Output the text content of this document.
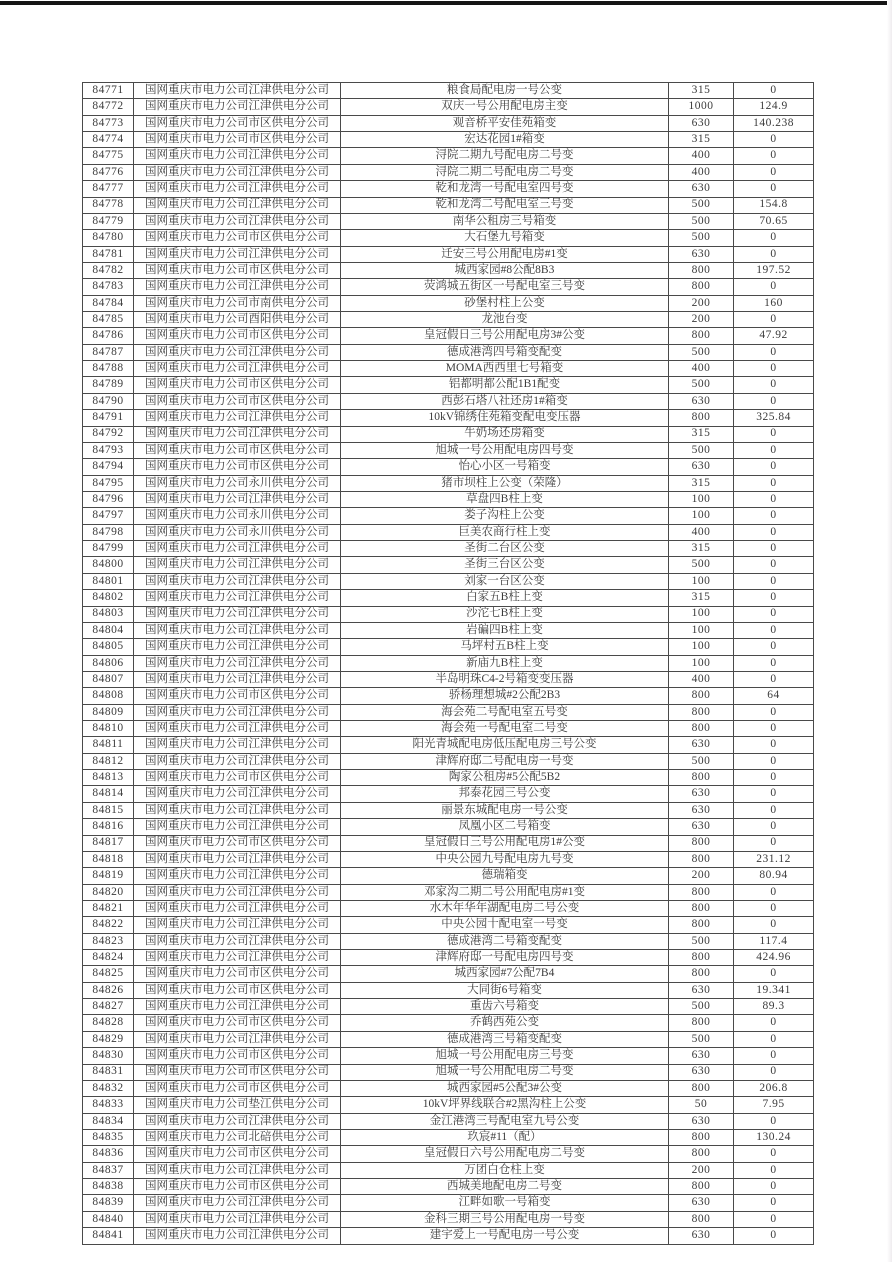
84771	国网重庆市电力公司江津供电分公司	粮食局配电房一号公变	315	0
84772	国网重庆市电力公司江津供电分公司	双庆一号公用配电房主变	1000	124.9
84773	国网重庆市电力公司市区供电分公司	观音桥平安佳苑箱变	630	140.238
84774	国网重庆市电力公司市区供电分公司	宏达花园1#箱变	315	0
84775	国网重庆市电力公司江津供电分公司	浔院二期九号配电房二号变	400	0
84776	国网重庆市电力公司江津供电分公司	浔院二期二号配电房二号变	400	0
84777	国网重庆市电力公司江津供电分公司	乾和龙湾一号配电室四号变	630	0
84778	国网重庆市电力公司江津供电分公司	乾和龙湾二号配电室三号变	500	154.8
84779	国网重庆市电力公司江津供电分公司	南华公租房三号箱变	500	70.65
84780	国网重庆市电力公司市区供电分公司	大石堡九号箱变	500	0
84781	国网重庆市电力公司江津供电分公司	迁安三号公用配电房#1变	630	0
84782	国网重庆市电力公司市区供电分公司	城西家园#8公配8B3	800	197.52
84783	国网重庆市电力公司江津供电分公司	荧鸿城五街区一号配电室三号变	800	0
84784	国网重庆市电力公司市南供电分公司	砂堡村柱上公变	200	160
84785	国网重庆市电力公司酉阳供电分公司	龙池台变	200	0
84786	国网重庆市电力公司市区供电分公司	皇冠假日三号公用配电房3#公变	800	47.92
84787	国网重庆市电力公司江津供电分公司	德成港湾四号箱变配变	500	0
84788	国网重庆市电力公司江津供电分公司	MOMA西西里七号箱变	400	0
84789	国网重庆市电力公司市区供电分公司	铝都明都公配1B1配变	500	0
84790	国网重庆市电力公司市区供电分公司	西彭石塔八社还房1#箱变	630	0
84791	国网重庆市电力公司江津供电分公司	10kV锦绣住苑箱变配电变压器	800	325.84
84792	国网重庆市电力公司江津供电分公司	牛奶场还房箱变	315	0
84793	国网重庆市电力公司市区供电分公司	旭城一号公用配电房四号变	500	0
84794	国网重庆市电力公司市区供电分公司	怡心小区一号箱变	630	0
84795	国网重庆市电力公司永川供电分公司	猪市坝柱上公变（荣隆）	315	0
84796	国网重庆市电力公司江津供电分公司	草盘四B柱上变	100	0
84797	国网重庆市电力公司永川供电分公司	娄子沟柱上公变	100	0
84798	国网重庆市电力公司永川供电分公司	巨美农商行柱上变	400	0
84799	国网重庆市电力公司江津供电分公司	圣街二台区公变	315	0
84800	国网重庆市电力公司江津供电分公司	圣街三台区公变	500	0
84801	国网重庆市电力公司江津供电分公司	刘家一台区公变	100	0
84802	国网重庆市电力公司江津供电分公司	白家五B柱上变	315	0
84803	国网重庆市电力公司江津供电分公司	沙沱七B柱上变	100	0
84804	国网重庆市电力公司江津供电分公司	岩碥四B柱上变	100	0
84805	国网重庆市电力公司江津供电分公司	马坪村五B柱上变	100	0
84806	国网重庆市电力公司江津供电分公司	新庙九B柱上变	100	0
84807	国网重庆市电力公司江津供电分公司	半岛明珠C4-2号箱变变压器	400	0
84808	国网重庆市电力公司市区供电分公司	骄杨理想城#2公配2B3	800	64
84809	国网重庆市电力公司江津供电分公司	海会苑二号配电室五号变	800	0
84810	国网重庆市电力公司江津供电分公司	海会苑一号配电室二号变	800	0
84811	国网重庆市电力公司江津供电分公司	阳光青城配电房低压配电房三号公变	630	0
84812	国网重庆市电力公司江津供电分公司	津辉府邸二号配电房一号变	500	0
84813	国网重庆市电力公司市区供电分公司	陶家公租房#5公配5B2	800	0
84814	国网重庆市电力公司江津供电分公司	邦泰花园三号公变	630	0
84815	国网重庆市电力公司江津供电分公司	丽景东城配电房一号公变	630	0
84816	国网重庆市电力公司江津供电分公司	凤凰小区二号箱变	630	0
84817	国网重庆市电力公司市区供电分公司	皇冠假日三号公用配电房1#公变	800	0
84818	国网重庆市电力公司江津供电分公司	中央公园九号配电房九号变	800	231.12
84819	国网重庆市电力公司江津供电分公司	德瑞箱变	200	80.94
84820	国网重庆市电力公司江津供电分公司	邓家沟二期二号公用配电房#1变	800	0
84821	国网重庆市电力公司江津供电分公司	水木年华年湖配电房二号公变	800	0
84822	国网重庆市电力公司江津供电分公司	中央公园十配电室一号变	800	0
84823	国网重庆市电力公司江津供电分公司	德成港湾二号箱变配变	500	117.4
84824	国网重庆市电力公司江津供电分公司	津辉府邸一号配电房四号变	800	424.96
84825	国网重庆市电力公司市区供电分公司	城西家园#7公配7B4	800	0
84826	国网重庆市电力公司市区供电分公司	大同街6号箱变	630	19.341
84827	国网重庆市电力公司江津供电分公司	重齿六号箱变	500	89.3
84828	国网重庆市电力公司市区供电分公司	乔鹤西苑公变	800	0
84829	国网重庆市电力公司江津供电分公司	德成港湾三号箱变配变	500	0
84830	国网重庆市电力公司市区供电分公司	旭城一号公用配电房三号变	630	0
84831	国网重庆市电力公司市区供电分公司	旭城一号公用配电房二号变	630	0
84832	国网重庆市电力公司市区供电分公司	城西家园#5公配3#公变	800	206.8
84833	国网重庆市电力公司垫江供电分公司	10kV坪界线联合#2黑沟柱上公变	50	7.95
84834	国网重庆市电力公司江津供电分公司	金江港湾三号配电室九号公变	630	0
84835	国网重庆市电力公司北碚供电分公司	玖宸#11（配）	800	130.24
84836	国网重庆市电力公司市区供电分公司	皇冠假日六号公用配电房二号变	800	0
84837	国网重庆市电力公司江津供电分公司	万团白仓柱上变	200	0
84838	国网重庆市电力公司市区供电分公司	西城美地配电房二号变	800	0
84839	国网重庆市电力公司江津供电分公司	江畔如歌一号箱变	630	0
84840	国网重庆市电力公司江津供电分公司	金科三期三号公用配电房一号变	800	0
84841	国网重庆市电力公司江津供电分公司	建宇爱上一号配电房一号公变	630	0
